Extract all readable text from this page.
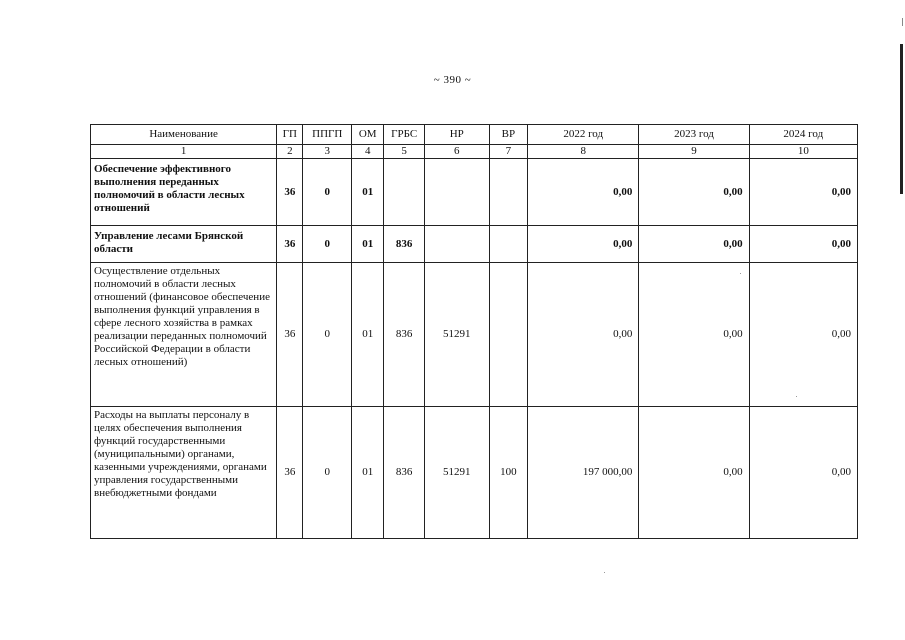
~ 390 ~
Наименование	ГП	ППГП	ОМ	ГРБС	НР	ВР	2022 год	2023 год	2024 год
1	2	3	4	5	6	7	8	9	10
Обеспечение эффективного выполнения переданных полномочий в области лесных отношений	36	0	01				0,00	0,00	0,00
Управление лесами Брянской области	36	0	01	836			0,00	0,00	0,00
Осуществление отдельных полномочий в области лесных отношений (финансовое обеспечение выполнения функций управления в сфере лесного хозяйства в рамках реализации переданных полномочий Российской Федерации в области лесных отношений)	36	0	01	836	51291		0,00	0,00	0,00
Расходы на выплаты персоналу в целях обеспечения выполнения функций государственными (муниципальными) органами, казенными учреждениями, органами управления государственными внебюджетными фондами	36	0	01	836	51291	100	197 000,00	0,00	0,00
